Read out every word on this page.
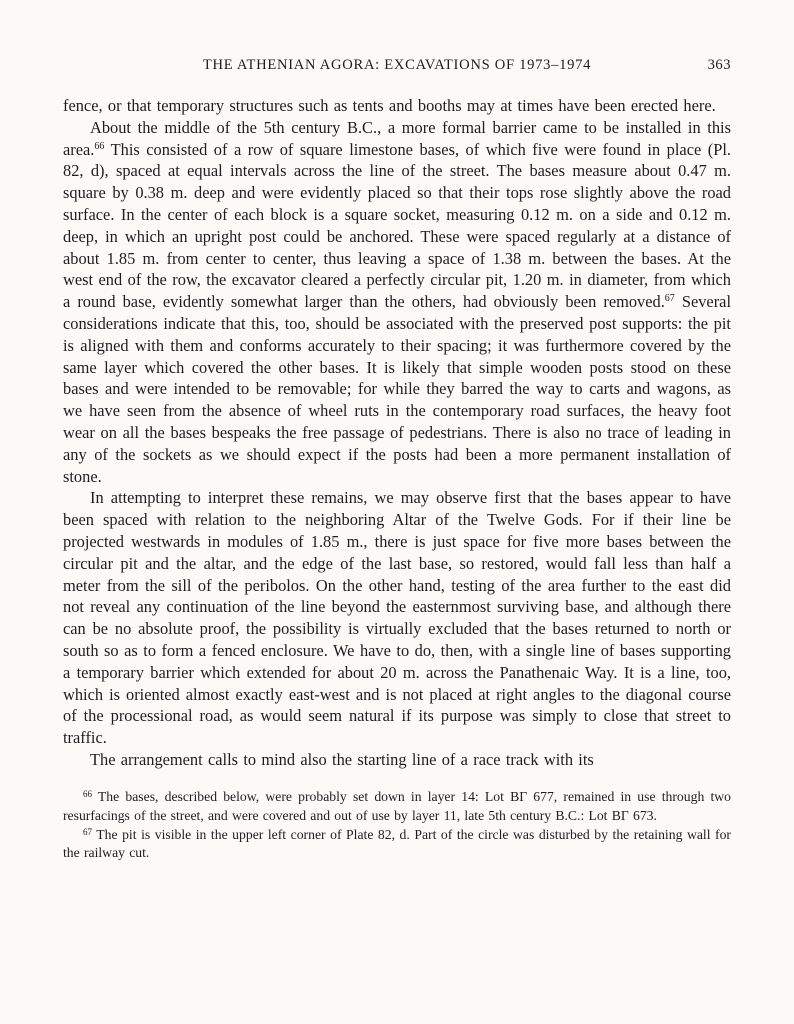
THE ATHENIAN AGORA: EXCAVATIONS OF 1973–1974	363

fence, or that temporary structures such as tents and booths may at times have been erected here.

About the middle of the 5th century B.C., a more formal barrier came to be installed in this area.$^{66}$ This consisted of a row of square limestone bases, of which five were found in place (Pl. 82, d), spaced at equal intervals across the line of the street. The bases measure about 0.47 m. square by 0.38 m. deep and were evidently placed so that their tops rose slightly above the road surface. In the center of each block is a square socket, measuring 0.12 m. on a side and 0.12 m. deep, in which an upright post could be anchored. These were spaced regularly at a distance of about 1.85 m. from center to center, thus leaving a space of 1.38 m. between the bases. At the west end of the row, the excavator cleared a perfectly circular pit, 1.20 m. in diameter, from which a round base, evidently somewhat larger than the others, had obviously been removed.$^{67}$ Several considerations indicate that this, too, should be associated with the preserved post supports: the pit is aligned with them and conforms accurately to their spacing; it was furthermore covered by the same layer which covered the other bases. It is likely that simple wooden posts stood on these bases and were intended to be removable; for while they barred the way to carts and wagons, as we have seen from the absence of wheel ruts in the contemporary road surfaces, the heavy foot wear on all the bases bespeaks the free passage of pedestrians. There is also no trace of leading in any of the sockets as we should expect if the posts had been a more permanent installation of stone.

In attempting to interpret these remains, we may observe first that the bases appear to have been spaced with relation to the neighboring Altar of the Twelve Gods. For if their line be projected westwards in modules of 1.85 m., there is just space for five more bases between the circular pit and the altar, and the edge of the last base, so restored, would fall less than half a meter from the sill of the peribolos. On the other hand, testing of the area further to the east did not reveal any continuation of the line beyond the easternmost surviving base, and although there can be no absolute proof, the possibility is virtually excluded that the bases returned to north or south so as to form a fenced enclosure. We have to do, then, with a single line of bases supporting a temporary barrier which extended for about 20 m. across the Panathenaic Way. It is a line, too, which is oriented almost exactly east-west and is not placed at right angles to the diagonal course of the processional road, as would seem natural if its purpose was simply to close that street to traffic.

The arrangement calls to mind also the starting line of a race track with its

$^{66}$ The bases, described below, were probably set down in layer 14: Lot ΒΓ 677, remained in use through two resurfacings of the street, and were covered and out of use by layer 11, late 5th century B.C.: Lot ΒΓ 673.

$^{67}$ The pit is visible in the upper left corner of Plate 82, d. Part of the circle was disturbed by the retaining wall for the railway cut.
